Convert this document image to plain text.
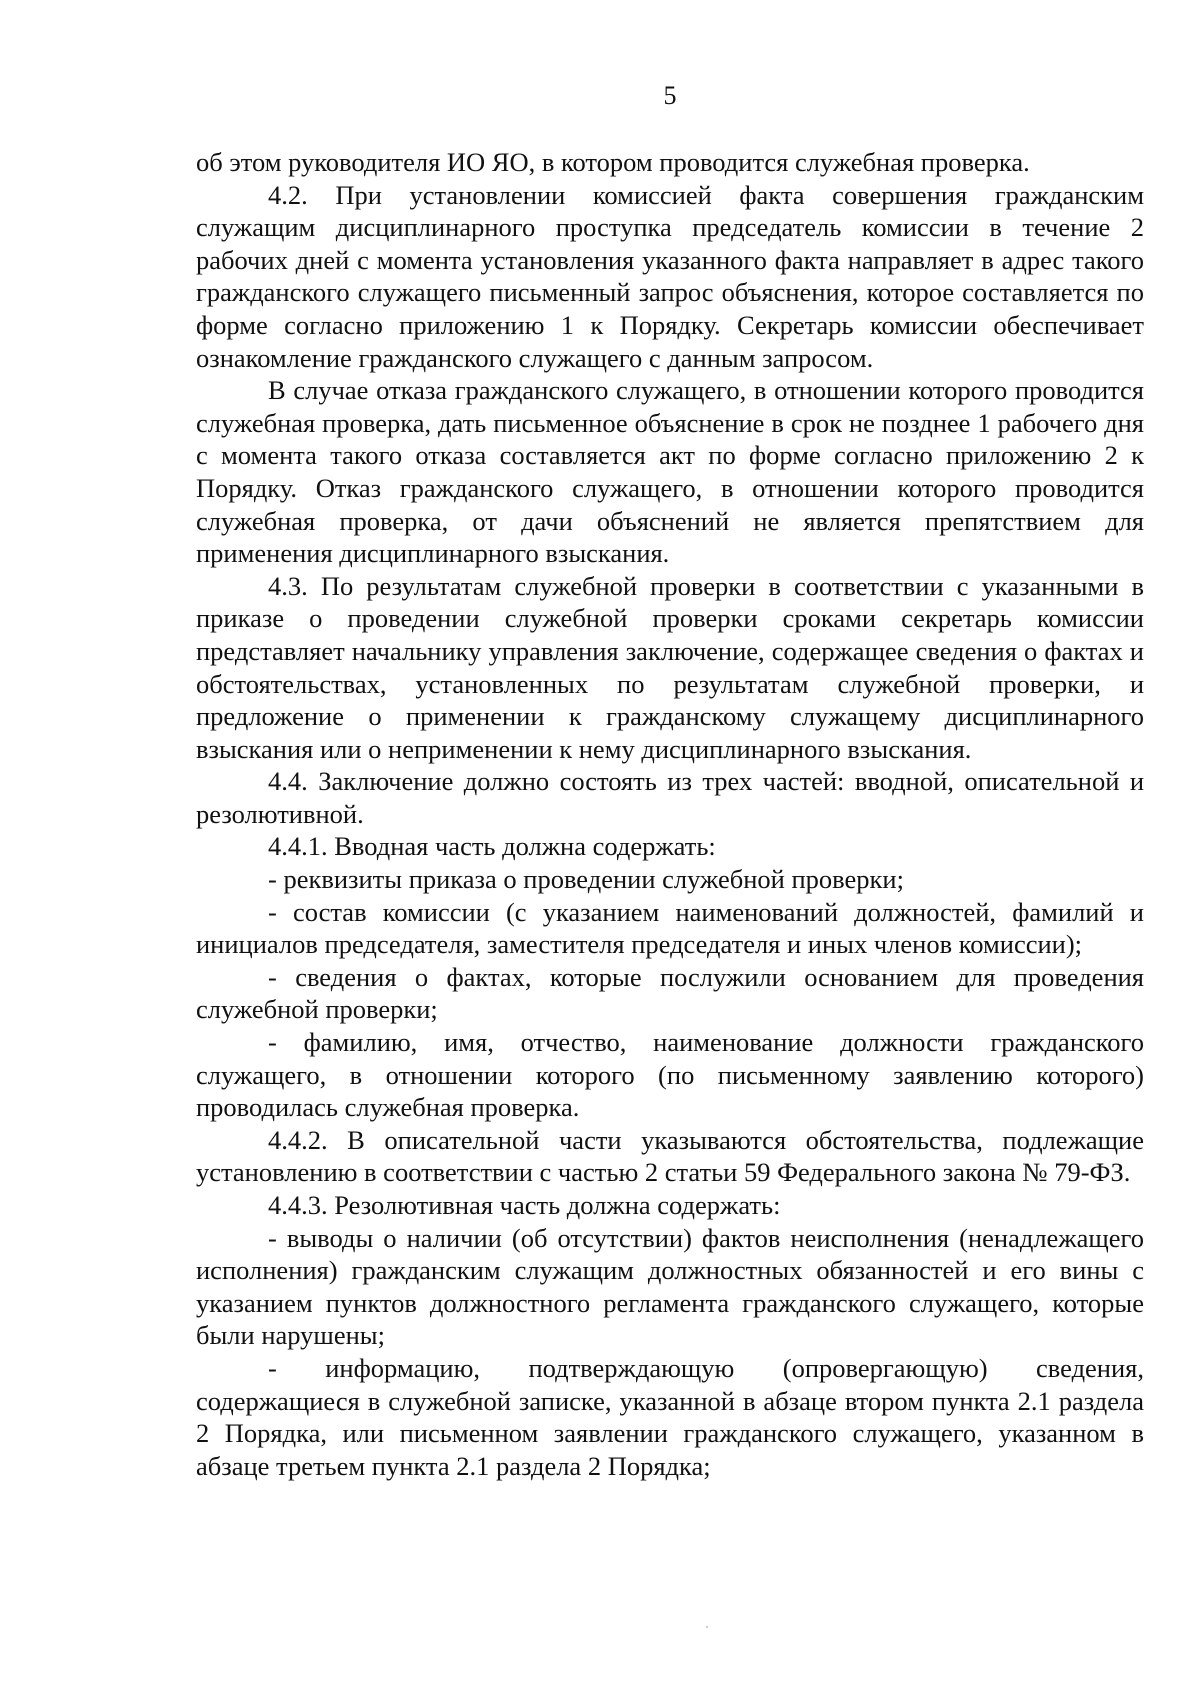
5

об этом руководителя ИО ЯО, в котором проводится служебная проверка.

4.2. При установлении комиссией факта совершения гражданским служащим дисциплинарного проступка председатель комиссии в течение 2 рабочих дней с момента установления указанного факта направляет в адрес такого гражданского служащего письменный запрос объяснения, которое составляется по форме согласно приложению 1 к Порядку. Секретарь комиссии обеспечивает ознакомление гражданского служащего с данным запросом.

В случае отказа гражданского служащего, в отношении которого проводится служебная проверка, дать письменное объяснение в срок не позднее 1 рабочего дня с момента такого отказа составляется акт по форме согласно приложению 2 к Порядку. Отказ гражданского служащего, в отношении которого проводится служебная проверка, от дачи объяснений не является препятствием для применения дисциплинарного взыскания.

4.3. По результатам служебной проверки в соответствии с указанными в приказе о проведении служебной проверки сроками секретарь комиссии представляет начальнику управления заключение, содержащее сведения о фактах и обстоятельствах, установленных по результатам служебной проверки, и предложение о применении к гражданскому служащему дисциплинарного взыскания или о неприменении к нему дисциплинарного взыскания.

4.4. Заключение должно состоять из трех частей: вводной, описательной и резолютивной.

4.4.1. Вводная часть должна содержать:

- реквизиты приказа о проведении служебной проверки;

- состав комиссии (с указанием наименований должностей, фамилий и инициалов председателя, заместителя председателя и иных членов комиссии);

- сведения о фактах, которые послужили основанием для проведения служебной проверки;

- фамилию, имя, отчество, наименование должности гражданского служащего, в отношении которого (по письменному заявлению которого) проводилась служебная проверка.

4.4.2. В описательной части указываются обстоятельства, подлежащие установлению в соответствии с частью 2 статьи 59 Федерального закона № 79-ФЗ.

4.4.3. Резолютивная часть должна содержать:

- выводы о наличии (об отсутствии) фактов неисполнения (ненадлежащего исполнения) гражданским служащим должностных обязанностей и его вины с указанием пунктов должностного регламента гражданского служащего, которые были нарушены;

- информацию, подтверждающую (опровергающую) сведения, содержащиеся в служебной записке, указанной в абзаце втором пункта 2.1 раздела 2 Порядка, или письменном заявлении гражданского служащего, указанном в абзаце третьем пункта 2.1 раздела 2 Порядка;
